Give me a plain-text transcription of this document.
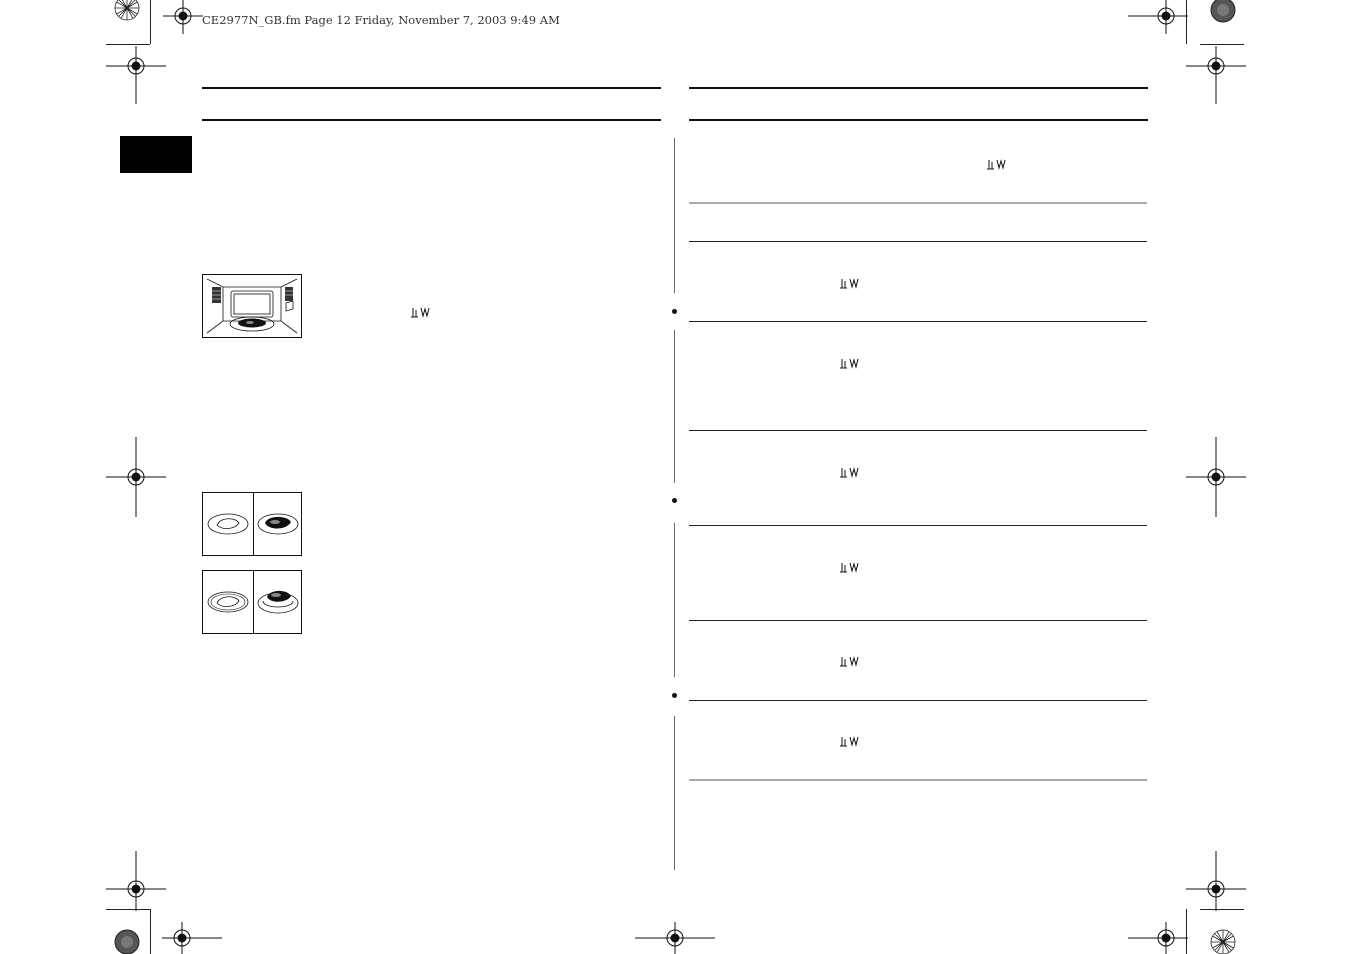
CE2977N_GB.fm Page 12 Friday, November 7, 2003 9:49 AM
